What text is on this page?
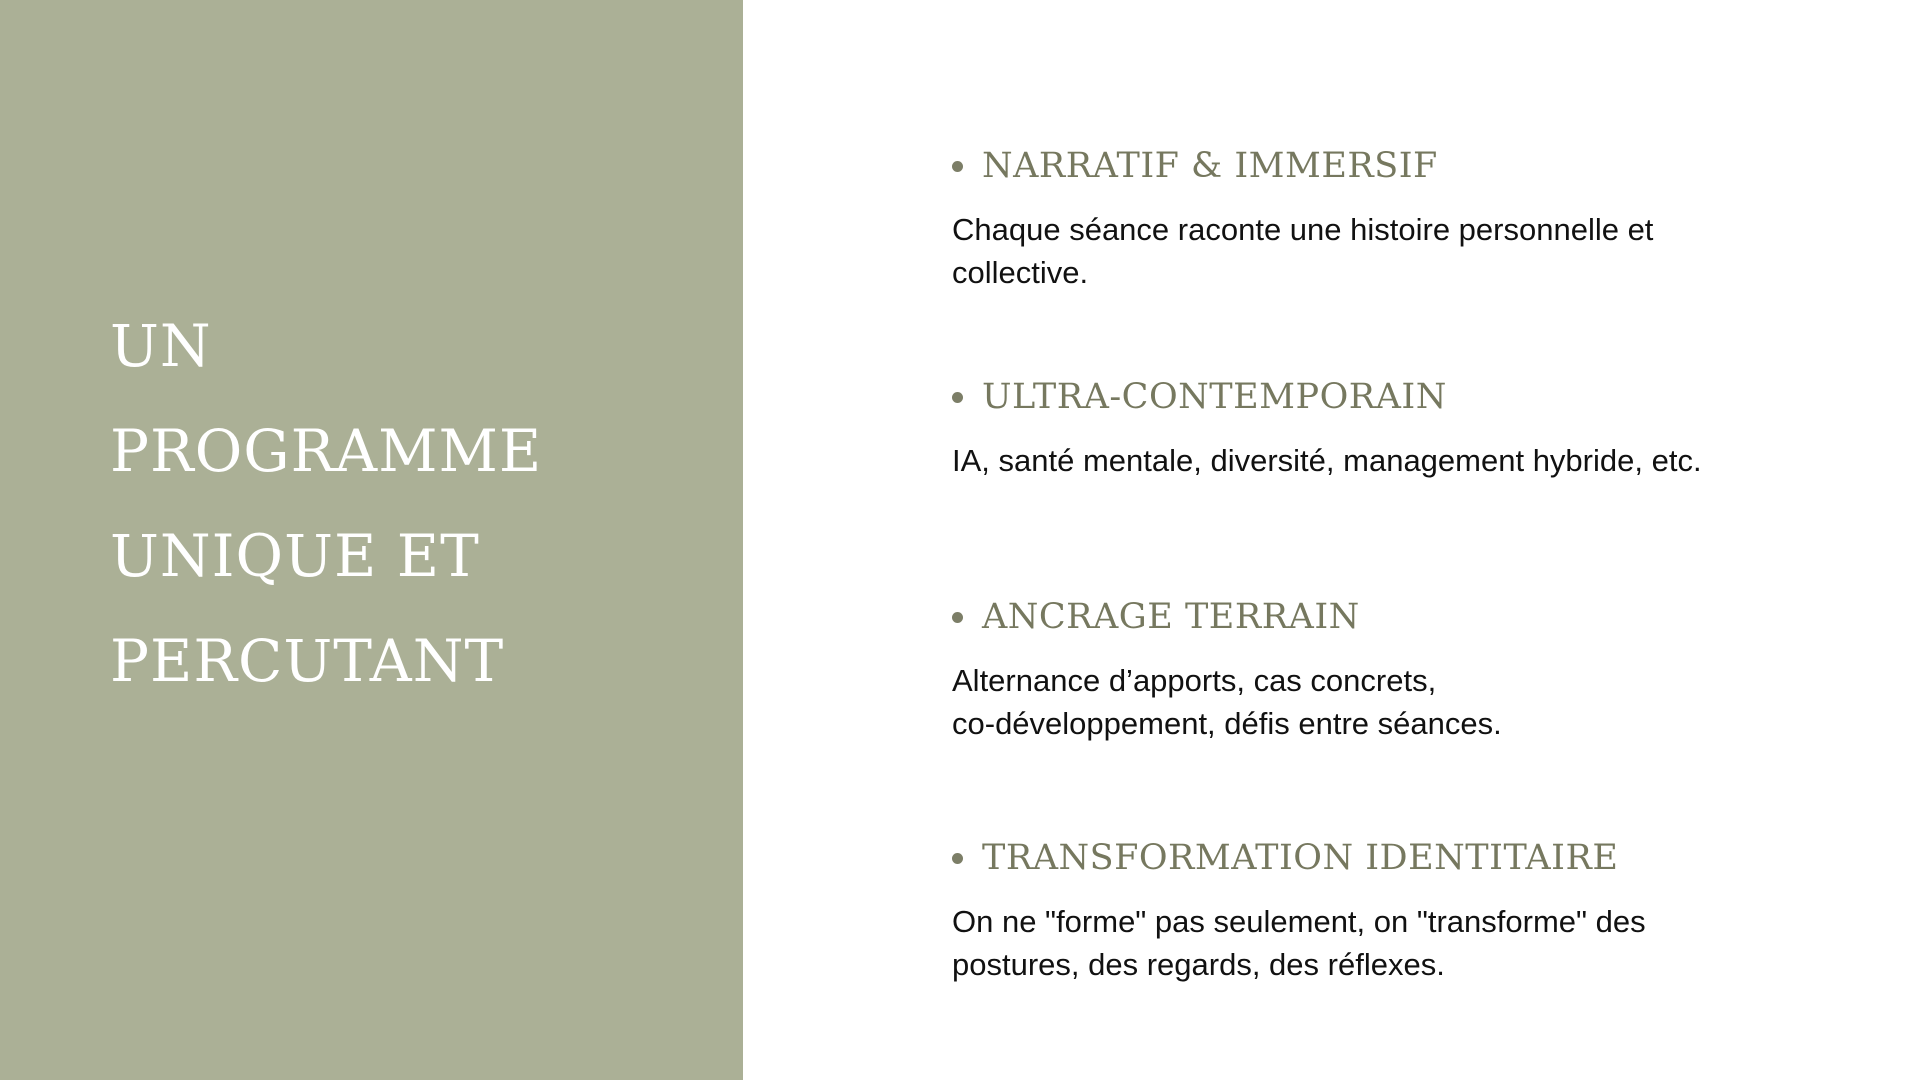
UN
PROGRAMME
UNIQUE ET
PERCUTANT
NARRATIF & IMMERSIF

Chaque séance raconte une histoire personnelle et
collective.

ULTRA-CONTEMPORAIN

IA, santé mentale, diversité, management hybride, etc.

ANCRAGE TERRAIN

Alternance d’apports, cas concrets,
co-développement, défis entre séances.

TRANSFORMATION IDENTITAIRE

On ne "forme" pas seulement, on "transforme" des
postures, des regards, des réflexes.
